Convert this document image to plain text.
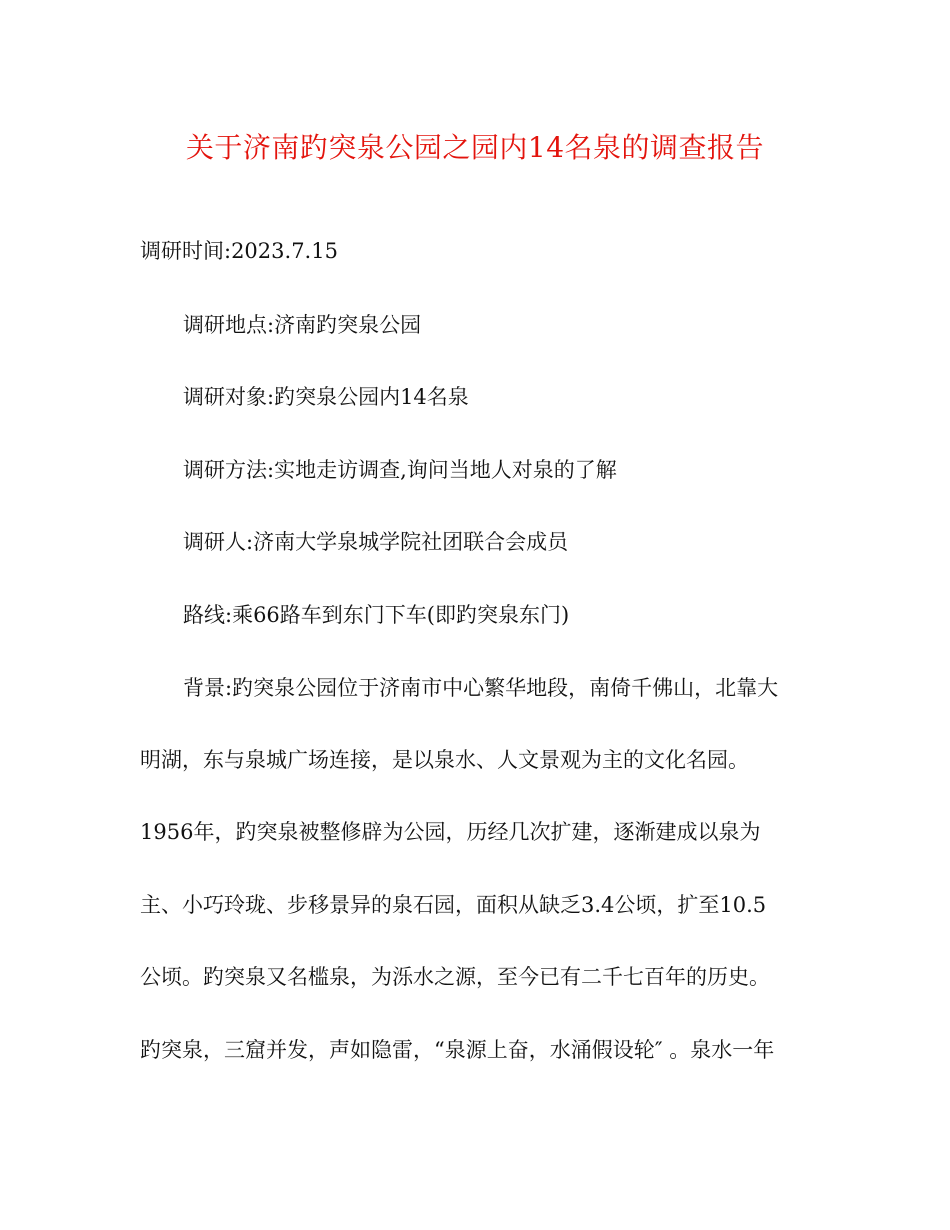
关于济南趵突泉公园之园内14名泉的调查报告
调研时间:2023.7.15
调研地点:济南趵突泉公园
调研对象:趵突泉公园内14名泉
调研方法:实地走访调查,询问当地人对泉的了解
调研人:济南大学泉城学院社团联合会成员
路线:乘66路车到东门下车(即趵突泉东门)
背景:趵突泉公园位于济南市中心繁华地段，南倚千佛山，北靠大
明湖，东与泉城广场连接，是以泉水、人文景观为主的文化名园。
1956年，趵突泉被整修辟为公园，历经几次扩建，逐渐建成以泉为
主、小巧玲珑、步移景异的泉石园，面积从缺乏3.4公顷，扩至10.5
公顷。趵突泉又名槛泉，为泺水之源，至今已有二千七百年的历史。
趵突泉，三窟并发，声如隐雷，“泉源上奋，水涌假设轮″ 。泉水一年
